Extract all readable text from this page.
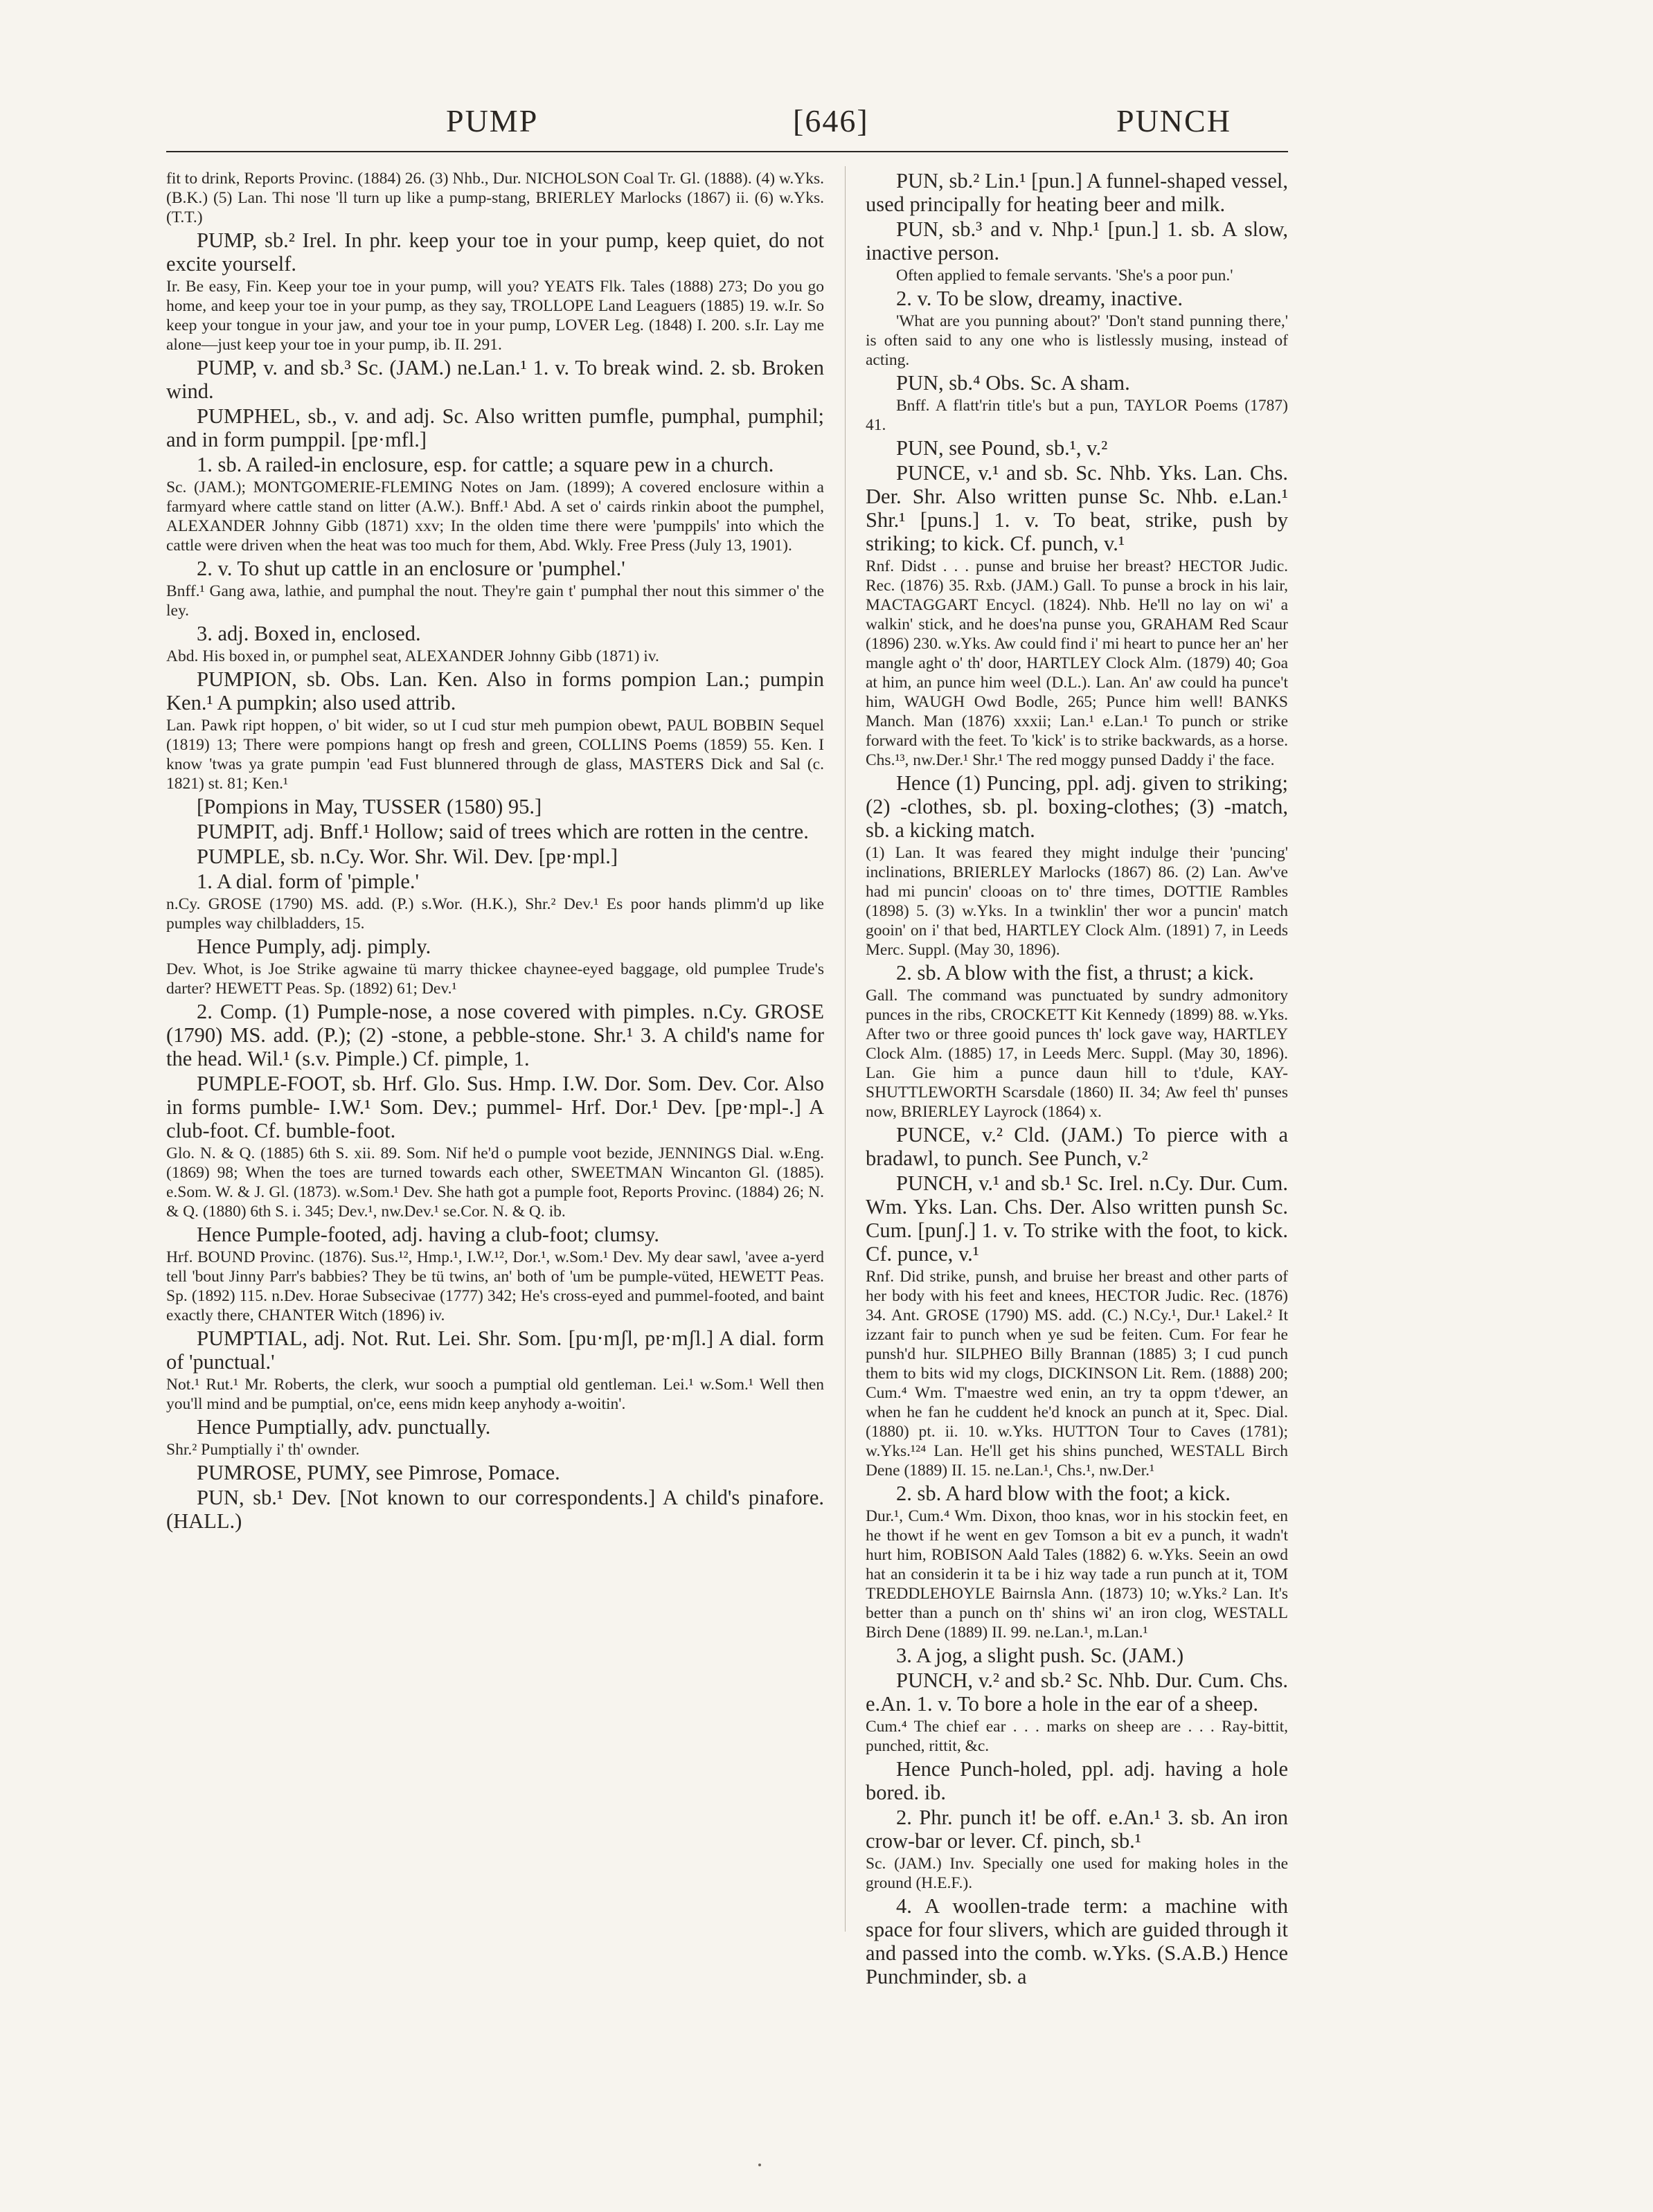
PUMP	[646]	PUNCH

fit to drink, Reports Provinc. (1884) 26. (3) Nhb., Dur. NICHOLSON Coal Tr. Gl. (1888). (4) w.Yks. (B.K.) (5) Lan. Thi nose 'll turn up like a pump-stang, BRIERLEY Marlocks (1867) ii. (6) w.Yks. (T.T.)

PUMP, sb.² Irel. In phr. keep your toe in your pump, keep quiet, do not excite yourself.

Ir. Be easy, Fin. Keep your toe in your pump, will you? YEATS Flk. Tales (1888) 273; Do you go home, and keep your toe in your pump, as they say, TROLLOPE Land Leaguers (1885) 19. w.Ir. So keep your tongue in your jaw, and your toe in your pump, LOVER Leg. (1848) I. 200. s.Ir. Lay me alone—just keep your toe in your pump, ib. II. 291.

PUMP, v. and sb.³ Sc. (JAM.) ne.Lan.¹ 1. v. To break wind. 2. sb. Broken wind.

PUMPHEL, sb., v. and adj. Sc. Also written pumfle, pumphal, pumphil; and in form pumppil. [pɐ·mfl.]

1. sb. A railed-in enclosure, esp. for cattle; a square pew in a church.

Sc. (JAM.); MONTGOMERIE-FLEMING Notes on Jam. (1899); A covered enclosure within a farmyard where cattle stand on litter (A.W.). Bnff.¹ Abd. A set o' cairds rinkin aboot the pumphel, ALEXANDER Johnny Gibb (1871) xxv; In the olden time there were 'pumppils' into which the cattle were driven when the heat was too much for them, Abd. Wkly. Free Press (July 13, 1901).

2. v. To shut up cattle in an enclosure or 'pumphel.'

Bnff.¹ Gang awa, lathie, and pumphal the nout. They're gain t' pumphal ther nout this simmer o' the ley.

3. adj. Boxed in, enclosed.

Abd. His boxed in, or pumphel seat, ALEXANDER Johnny Gibb (1871) iv.

PUMPION, sb. Obs. Lan. Ken. Also in forms pompion Lan.; pumpin Ken.¹ A pumpkin; also used attrib.

Lan. Pawk ript hoppen, o' bit wider, so ut I cud stur meh pumpion obewt, PAUL BOBBIN Sequel (1819) 13; There were pompions hangt op fresh and green, COLLINS Poems (1859) 55. Ken. I know 'twas ya grate pumpin 'ead Fust blunnered through de glass, MASTERS Dick and Sal (c. 1821) st. 81; Ken.¹

[Pompions in May, TUSSER (1580) 95.]

PUMPIT, adj. Bnff.¹ Hollow; said of trees which are rotten in the centre.

PUMPLE, sb. n.Cy. Wor. Shr. Wil. Dev. [pɐ·mpl.]

1. A dial. form of 'pimple.'

n.Cy. GROSE (1790) MS. add. (P.) s.Wor. (H.K.), Shr.² Dev.¹ Es poor hands plimm'd up like pumples way chilbladders, 15.

Hence Pumply, adj. pimply.

Dev. Whot, is Joe Strike agwaine tü marry thickee chaynee-eyed baggage, old pumplee Trude's darter? HEWETT Peas. Sp. (1892) 61; Dev.¹

2. Comp. (1) Pumple-nose, a nose covered with pimples. n.Cy. GROSE (1790) MS. add. (P.); (2) -stone, a pebble-stone. Shr.¹ 3. A child's name for the head. Wil.¹ (s.v. Pimple.) Cf. pimple, 1.

PUMPLE-FOOT, sb. Hrf. Glo. Sus. Hmp. I.W. Dor. Som. Dev. Cor. Also in forms pumble- I.W.¹ Som. Dev.; pummel- Hrf. Dor.¹ Dev. [pɐ·mpl-.] A club-foot. Cf. bumble-foot.

Glo. N. & Q. (1885) 6th S. xii. 89. Som. Nif he'd o pumple voot bezide, JENNINGS Dial. w.Eng. (1869) 98; When the toes are turned towards each other, SWEETMAN Wincanton Gl. (1885). e.Som. W. & J. Gl. (1873). w.Som.¹ Dev. She hath got a pumple foot, Reports Provinc. (1884) 26; N. & Q. (1880) 6th S. i. 345; Dev.¹, nw.Dev.¹ se.Cor. N. & Q. ib.

Hence Pumple-footed, adj. having a club-foot; clumsy.

Hrf. BOUND Provinc. (1876). Sus.¹², Hmp.¹, I.W.¹², Dor.¹, w.Som.¹ Dev. My dear sawl, 'avee a-yerd tell 'bout Jinny Parr's babbies? They be tü twins, an' both of 'um be pumple-vüted, HEWETT Peas. Sp. (1892) 115. n.Dev. Horae Subsecivae (1777) 342; He's cross-eyed and pummel-footed, and baint exactly there, CHANTER Witch (1896) iv.

PUMPTIAL, adj. Not. Rut. Lei. Shr. Som. [pu·mʃl, pɐ·mʃl.] A dial. form of 'punctual.'

Not.¹ Rut.¹ Mr. Roberts, the clerk, wur sooch a pumptial old gentleman. Lei.¹ w.Som.¹ Well then you'll mind and be pumptial, on'ce, eens midn keep anyhody a-woitin'.

Hence Pumptially, adv. punctually.

Shr.² Pumptially i' th' ownder.

PUMROSE, PUMY, see Pimrose, Pomace.

PUN, sb.¹ Dev. [Not known to our correspondents.] A child's pinafore. (HALL.)

PUN, sb.² Lin.¹ [pun.] A funnel-shaped vessel, used principally for heating beer and milk.

PUN, sb.³ and v. Nhp.¹ [pun.] 1. sb. A slow, inactive person.

Often applied to female servants. 'She's a poor pun.'

2. v. To be slow, dreamy, inactive.

'What are you punning about?' 'Don't stand punning there,' is often said to any one who is listlessly musing, instead of acting.

PUN, sb.⁴ Obs. Sc. A sham.

Bnff. A flatt'rin title's but a pun, TAYLOR Poems (1787) 41.

PUN, see Pound, sb.¹, v.²

PUNCE, v.¹ and sb. Sc. Nhb. Yks. Lan. Chs. Der. Shr. Also written punse Sc. Nhb. e.Lan.¹ Shr.¹ [puns.] 1. v. To beat, strike, push by striking; to kick. Cf. punch, v.¹

Rnf. Didst . . . punse and bruise her breast? HECTOR Judic. Rec. (1876) 35. Rxb. (JAM.) Gall. To punse a brock in his lair, MACTAGGART Encycl. (1824). Nhb. He'll no lay on wi' a walkin' stick, and he does'na punse you, GRAHAM Red Scaur (1896) 230. w.Yks. Aw could find i' mi heart to punce her an' her mangle aght o' th' door, HARTLEY Clock Alm. (1879) 40; Goa at him, an punce him weel (D.L.). Lan. An' aw could ha punce't him, WAUGH Owd Bodle, 265; Punce him well! BANKS Manch. Man (1876) xxxii; Lan.¹ e.Lan.¹ To punch or strike forward with the feet. To 'kick' is to strike backwards, as a horse. Chs.¹³, nw.Der.¹ Shr.¹ The red moggy punsed Daddy i' the face.

Hence (1) Puncing, ppl. adj. given to striking; (2) -clothes, sb. pl. boxing-clothes; (3) -match, sb. a kicking match.

(1) Lan. It was feared they might indulge their 'puncing' inclinations, BRIERLEY Marlocks (1867) 86. (2) Lan. Aw've had mi puncin' clooas on to' thre times, DOTTIE Rambles (1898) 5. (3) w.Yks. In a twinklin' ther wor a puncin' match gooin' on i' that bed, HARTLEY Clock Alm. (1891) 7, in Leeds Merc. Suppl. (May 30, 1896).

2. sb. A blow with the fist, a thrust; a kick.

Gall. The command was punctuated by sundry admonitory punces in the ribs, CROCKETT Kit Kennedy (1899) 88. w.Yks. After two or three gooid punces th' lock gave way, HARTLEY Clock Alm. (1885) 17, in Leeds Merc. Suppl. (May 30, 1896). Lan. Gie him a punce daun hill to t'dule, KAY-SHUTTLEWORTH Scarsdale (1860) II. 34; Aw feel th' punses now, BRIERLEY Layrock (1864) x.

PUNCE, v.² Cld. (JAM.) To pierce with a bradawl, to punch. See Punch, v.²

PUNCH, v.¹ and sb.¹ Sc. Irel. n.Cy. Dur. Cum. Wm. Yks. Lan. Chs. Der. Also written punsh Sc. Cum. [punʃ.] 1. v. To strike with the foot, to kick. Cf. punce, v.¹

Rnf. Did strike, punsh, and bruise her breast and other parts of her body with his feet and knees, HECTOR Judic. Rec. (1876) 34. Ant. GROSE (1790) MS. add. (C.) N.Cy.¹, Dur.¹ Lakel.² It izzant fair to punch when ye sud be feiten. Cum. For fear he punsh'd hur. SILPHEO Billy Brannan (1885) 3; I cud punch them to bits wid my clogs, DICKINSON Lit. Rem. (1888) 200; Cum.⁴ Wm. T'maestre wed enin, an try ta oppm t'dewer, an when he fan he cuddent he'd knock an punch at it, Spec. Dial. (1880) pt. ii. 10. w.Yks. HUTTON Tour to Caves (1781); w.Yks.¹²⁴ Lan. He'll get his shins punched, WESTALL Birch Dene (1889) II. 15. ne.Lan.¹, Chs.¹, nw.Der.¹

2. sb. A hard blow with the foot; a kick.

Dur.¹, Cum.⁴ Wm. Dixon, thoo knas, wor in his stockin feet, en he thowt if he went en gev Tomson a bit ev a punch, it wadn't hurt him, ROBISON Aald Tales (1882) 6. w.Yks. Seein an owd hat an considerin it ta be i hiz way tade a run punch at it, TOM TREDDLEHOYLE Bairnsla Ann. (1873) 10; w.Yks.² Lan. It's better than a punch on th' shins wi' an iron clog, WESTALL Birch Dene (1889) II. 99. ne.Lan.¹, m.Lan.¹

3. A jog, a slight push. Sc. (JAM.)

PUNCH, v.² and sb.² Sc. Nhb. Dur. Cum. Chs. e.An. 1. v. To bore a hole in the ear of a sheep.

Cum.⁴ The chief ear . . . marks on sheep are . . . Ray-bittit, punched, rittit, &c.

Hence Punch-holed, ppl. adj. having a hole bored. ib.

2. Phr. punch it! be off. e.An.¹ 3. sb. An iron crow-bar or lever. Cf. pinch, sb.¹

Sc. (JAM.) Inv. Specially one used for making holes in the ground (H.E.F.).

4. A woollen-trade term: a machine with space for four slivers, which are guided through it and passed into the comb. w.Yks. (S.A.B.) Hence Punchminder, sb. a
